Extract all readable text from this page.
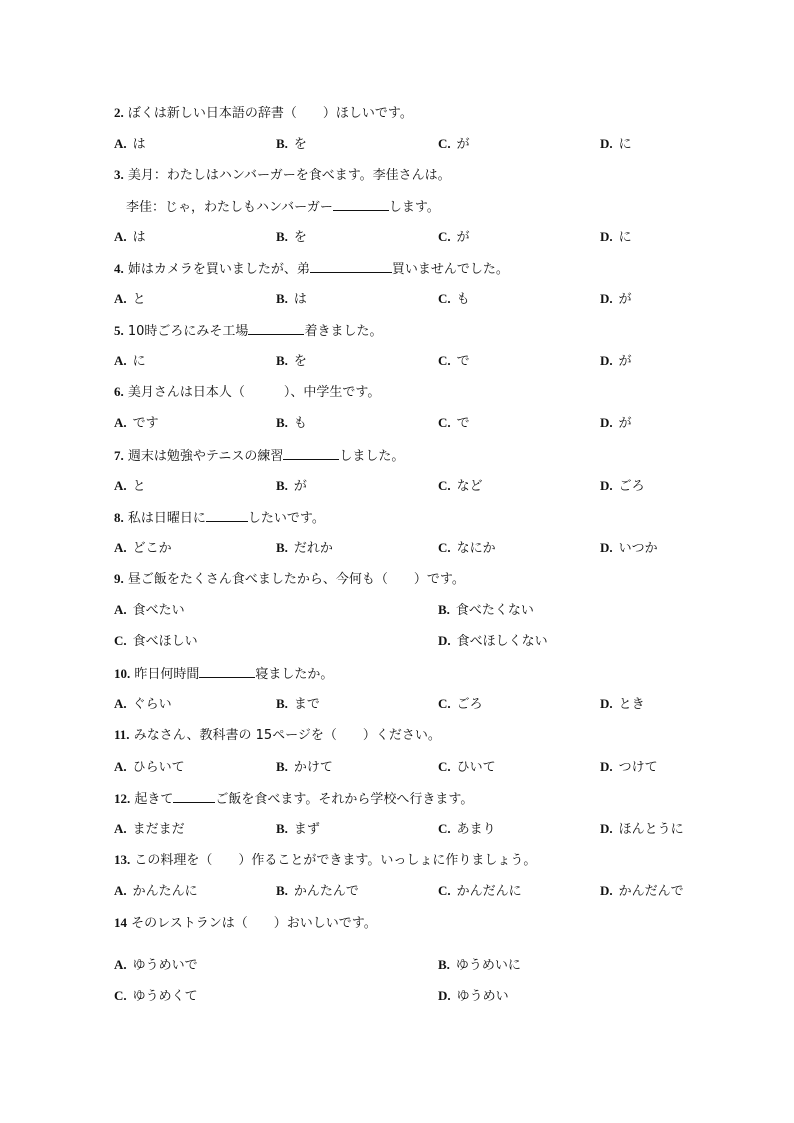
2. ぼくは新しい日本語の辞書（　　）ほしいです。
A. は	B. を	C. が	D. に
3. 美月：わたしはハンバーガーを食べます。李佳さんは。
李佳：じゃ，わたしもハンバーガー	します。
A. は	B. を	C. が	D. に
4. 姉はカメラを買いましたが、弟	買いませんでした。
A. と	B. は	C. も	D. が
5. 10時ごろにみそ工場	着きました。
A. に	B. を	C. で	D. が
6. 美月さんは日本人（　　　）、中学生です。
A. です	B. も	C. で	D. が
7. 週末は勉強やテニスの練習	しました。
A. と	B. が	C. など	D. ごろ
8. 私は日曜日に	したいです。
A. どこか	B. だれか	C. なにか	D. いつか
9. 昼ご飯をたくさん食べましたから、今何も（　　）です。
A. 食べたい	B. 食べたくない
C. 食べほしい	D. 食べほしくない
10. 昨日何時間	寝ましたか。
A. ぐらい	B. まで	C. ごろ	D. とき
11. みなさん、教科書の 15ページを（　　）ください。
A. ひらいて	B. かけて	C. ひいて	D. つけて
12. 起きて	ご飯を食べます。それから学校へ行きます。
A. まだまだ	B. まず	C. あまり	D. ほんとうに
13. この料理を（　　）作ることができます。いっしょに作りましょう。
A. かんたんに	B. かんたんで	C. かんだんに	D. かんだんで
14 そのレストランは（　　）おいしいです。
A. ゆうめいで	B. ゆうめいに
C. ゆうめくて	D. ゆうめい
